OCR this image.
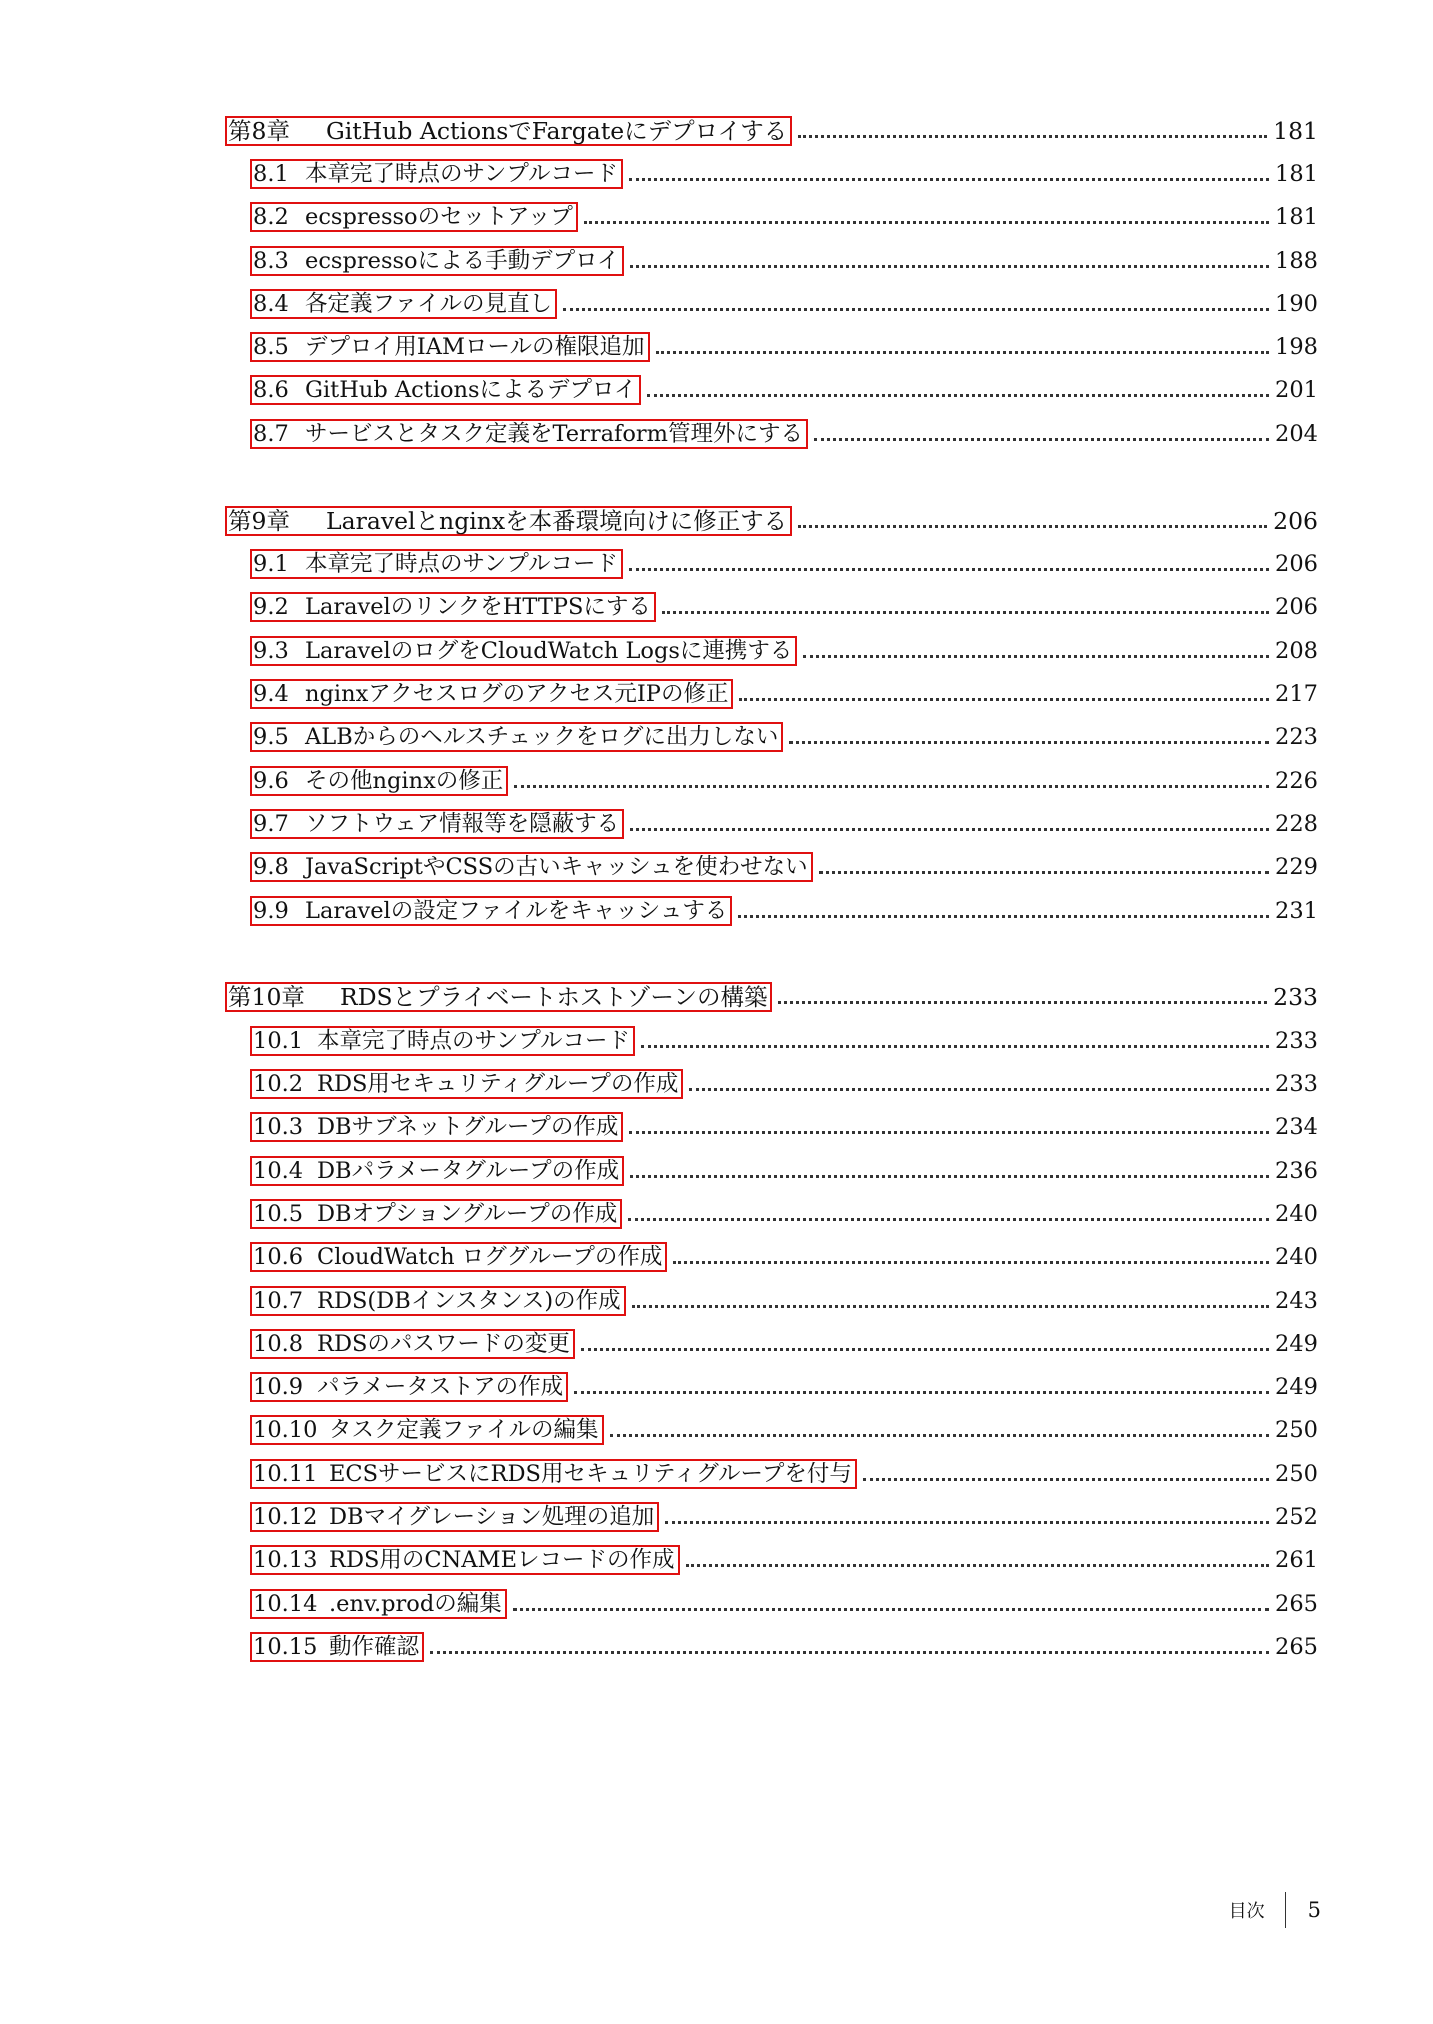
第8章	GitHub ActionsでFargateにデプロイする	181
8.1 本章完了時点のサンプルコード	181
8.2 ecspressoのセットアップ	181
8.3 ecspressoによる手動デプロイ	188
8.4 各定義ファイルの見直し	190
8.5 デプロイ用IAMロールの権限追加	198
8.6 GitHub Actionsによるデプロイ	201
8.7 サービスとタスク定義をTerraform管理外にする	204
第9章	Laravelとnginxを本番環境向けに修正する	206
9.1 本章完了時点のサンプルコード	206
9.2 LaravelのリンクをHTTPSにする	206
9.3 LaravelのログをCloudWatch Logsに連携する	208
9.4 nginxアクセスログのアクセス元IPの修正	217
9.5 ALBからのヘルスチェックをログに出力しない	223
9.6 その他nginxの修正	226
9.7 ソフトウェア情報等を隠蔽する	228
9.8 JavaScriptやCSSの古いキャッシュを使わせない	229
9.9 Laravelの設定ファイルをキャッシュする	231
第10章	RDSとプライベートホストゾーンの構築	233
10.1 本章完了時点のサンプルコード	233
10.2 RDS用セキュリティグループの作成	233
10.3 DBサブネットグループの作成	234
10.4 DBパラメータグループの作成	236
10.5 DBオプショングループの作成	240
10.6 CloudWatch ロググループの作成	240
10.7 RDS(DBインスタンス)の作成	243
10.8 RDSのパスワードの変更	249
10.9 パラメータストアの作成	249
10.10 タスク定義ファイルの編集	250
10.11 ECSサービスにRDS用セキュリティグループを付与	250
10.12 DBマイグレーション処理の追加	252
10.13 RDS用のCNAMEレコードの作成	261
10.14 .env.prodの編集	265
10.15 動作確認	265
目次	5
